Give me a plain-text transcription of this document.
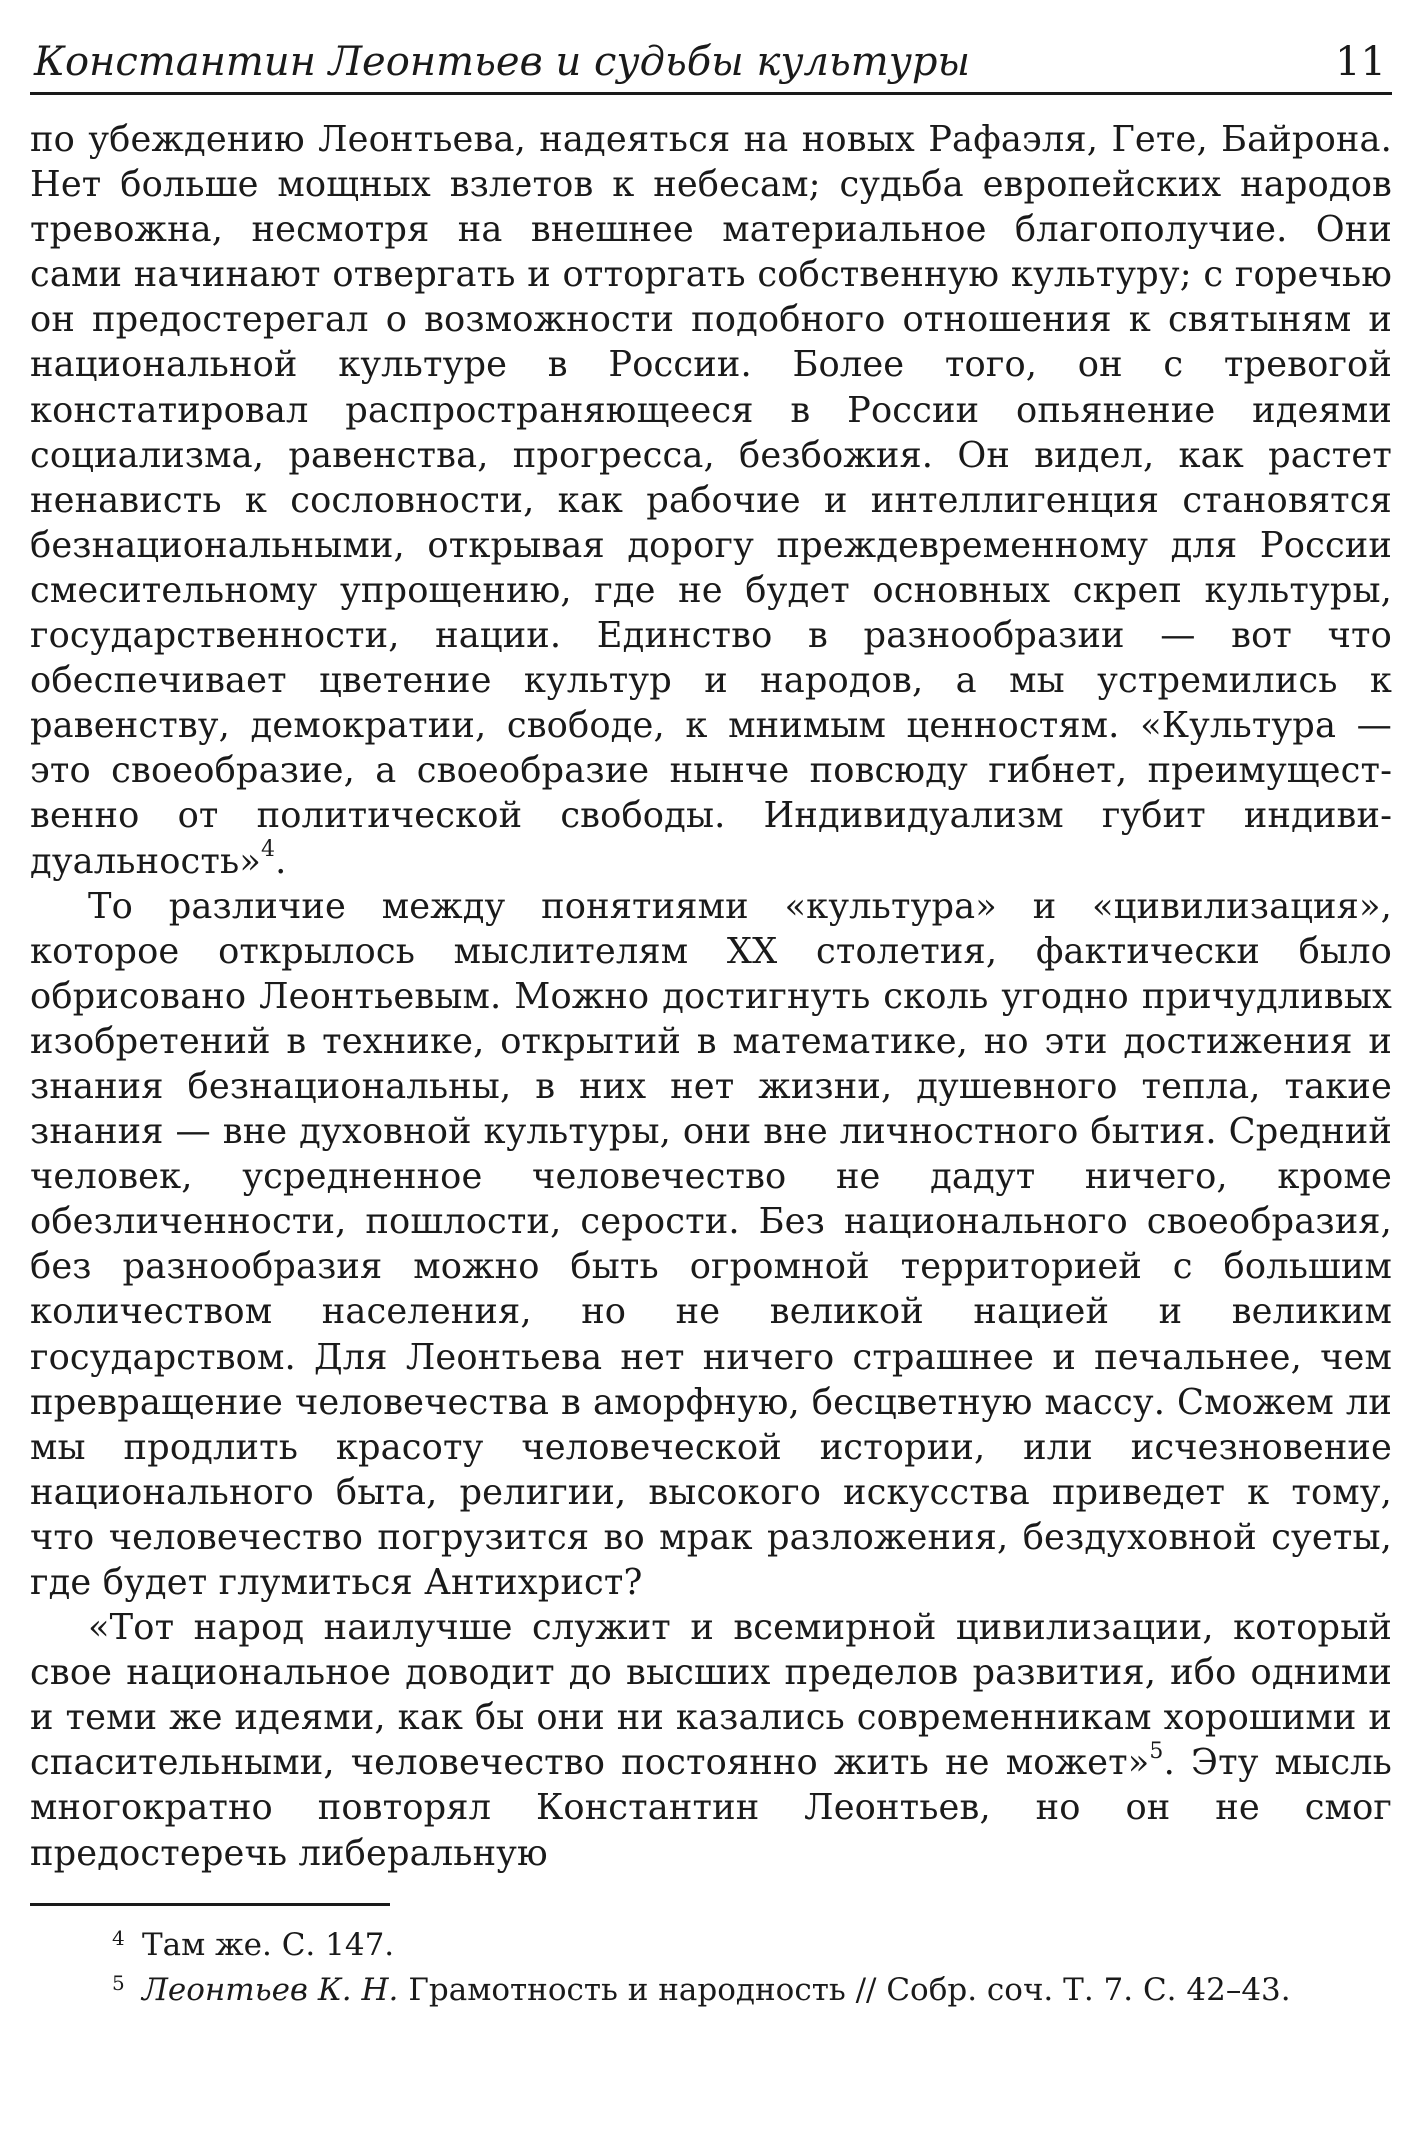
Константин Леонтьев и судьбы культуры	11

по убеждению Леонтьева, надеяться на новых Рафаэля, Гете, Байрона. Нет больше мощных взлетов к небесам; судьба европейских народов тревожна, несмотря на внешнее материальное благополучие. Они сами начинают отвергать и отторгать собственную культуру; с горечью он предостерегал о возможности подобного отношения к святыням и национальной культуре в России. Более того, он с тревогой констатировал распространяющееся в России опьянение идеями социализма, равенства, прогресса, безбожия. Он видел, как растет ненависть к сословности, как рабочие и интеллигенция становятся безнациональными, открывая дорогу преждевременному для России смесительному упрощению, где не будет основных скреп культуры, государственности, нации. Единство в разнообразии — вот что обеспечивает цветение культур и народов, а мы устремились к равенству, демократии, свободе, к мнимым ценностям. «Культура — это своеобразие, а своеобразие нынче повсюду гибнет, преимущественно от политической свободы. Индивидуализм губит индивидуальность»$^4$.

То различие между понятиями «культура» и «цивилизация», которое открылось мыслителям XX столетия, фактически было обрисовано Леонтьевым. Можно достигнуть сколь угодно причудливых изобретений в технике, открытий в математике, но эти достижения и знания безнациональны, в них нет жизни, душевного тепла, такие знания — вне духовной культуры, они вне личностного бытия. Средний человек, усредненное человечество не дадут ничего, кроме обезличенности, пошлости, серости. Без национального своеобразия, без разнообразия можно быть огромной территорией с большим количеством населения, но не великой нацией и великим государством. Для Леонтьева нет ничего страшнее и печальнее, чем превращение человечества в аморфную, бесцветную массу. Сможем ли мы продлить красоту человеческой истории, или исчезновение национального быта, религии, высокого искусства приведет к тому, что человечество погрузится во мрак разложения, бездуховной суеты, где будет глумиться Антихрист?

«Тот народ наилучше служит и всемирной цивилизации, который свое национальное доводит до высших пределов развития, ибо одними и теми же идеями, как бы они ни казались современникам хорошими и спасительными, человечество постоянно жить не может»$^5$. Эту мысль многократно повторял Константин Леонтьев, но он не смог предостеречь либеральную

4 Там же. С. 147.
5 Леонтьев К. Н. Грамотность и народность // Собр. соч. Т. 7. С. 42–43.
